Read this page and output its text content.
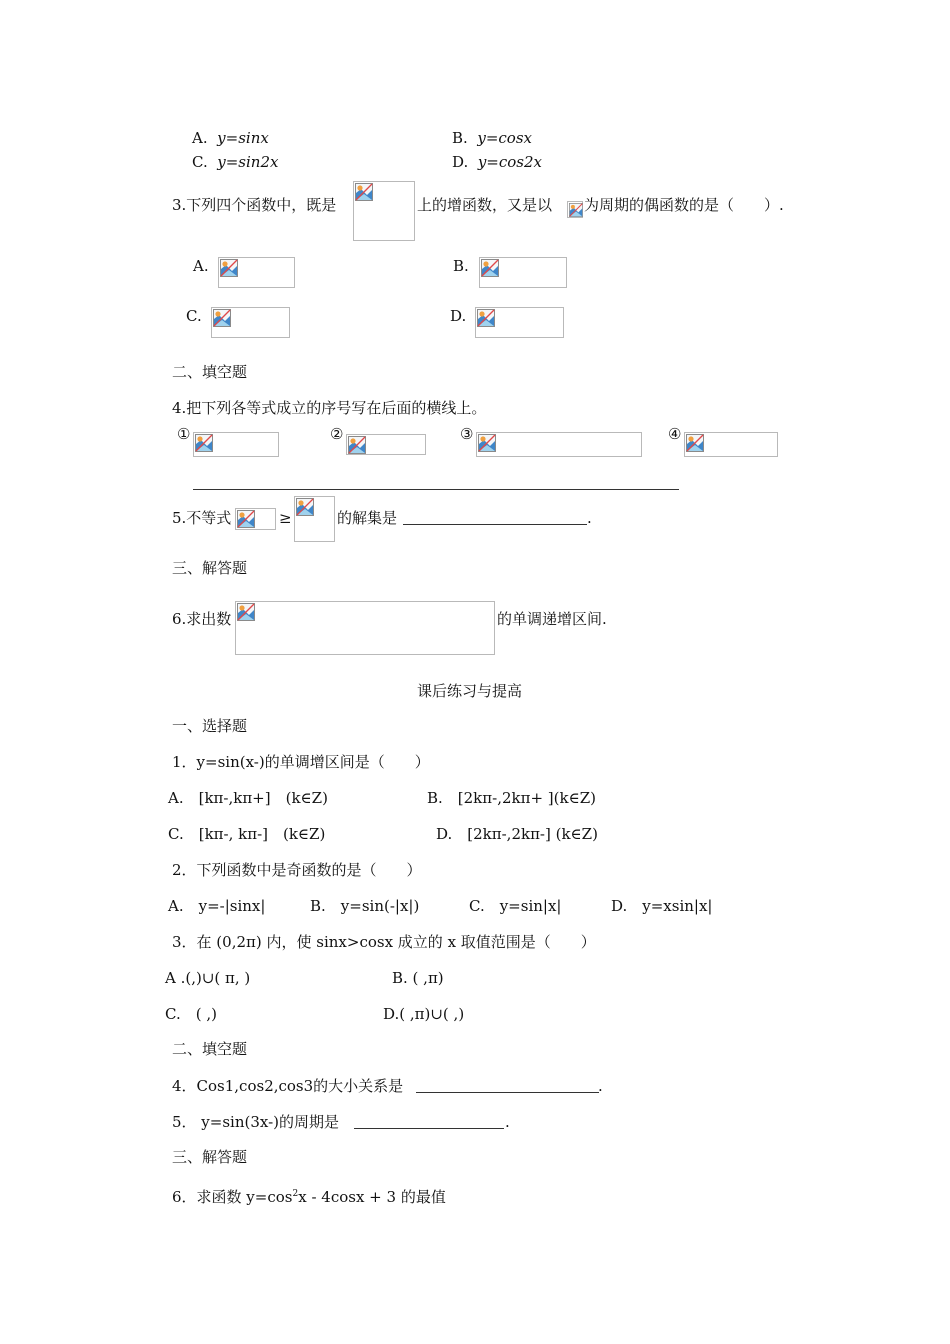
A. y=sinx	B. y=cosx
C. y=sin2x	D. y=cos2x
3.下列四个函数中，既是	上的增函数，又是以 为周期的偶函数的是（　　）.
A.	B.
C.	D.
二、填空题
4.把下列各等式成立的序号写在后面的横线上。
①	②	③	④
5.不等式	≥	的解集是	.
三、解答题
6.求出数	的单调递增区间.
课后练习与提高
一、选择题
1．y=sin(x-)的单调增区间是（　　）
A.　[kπ-,kπ+]　(k∈Z)	B.　[2kπ-,2kπ+ ](k∈Z)
C.　[kπ-, kπ-]　(k∈Z)	D.　[2kπ-,2kπ-] (k∈Z)
2．下列函数中是奇函数的是（　　）
A.　y=-|sinx|	B.　y=sin(-|x|)	C.　y=sin|x|	D.　y=xsin|x|
3．在 (0,2π) 内，使 sinx>cosx 成立的 x 取值范围是（　　）
A .(,)∪( π, )	B. ( ,π)
C.　( ,)	D.( ,π)∪( ,)
二、填空题
4．Cos1,cos2,cos3的大小关系是	.
5． y=sin(3x-)的周期是	.
三、解答题
6．求函数 $y=\cos^2x - 4\cos x + 3$ 的最值
